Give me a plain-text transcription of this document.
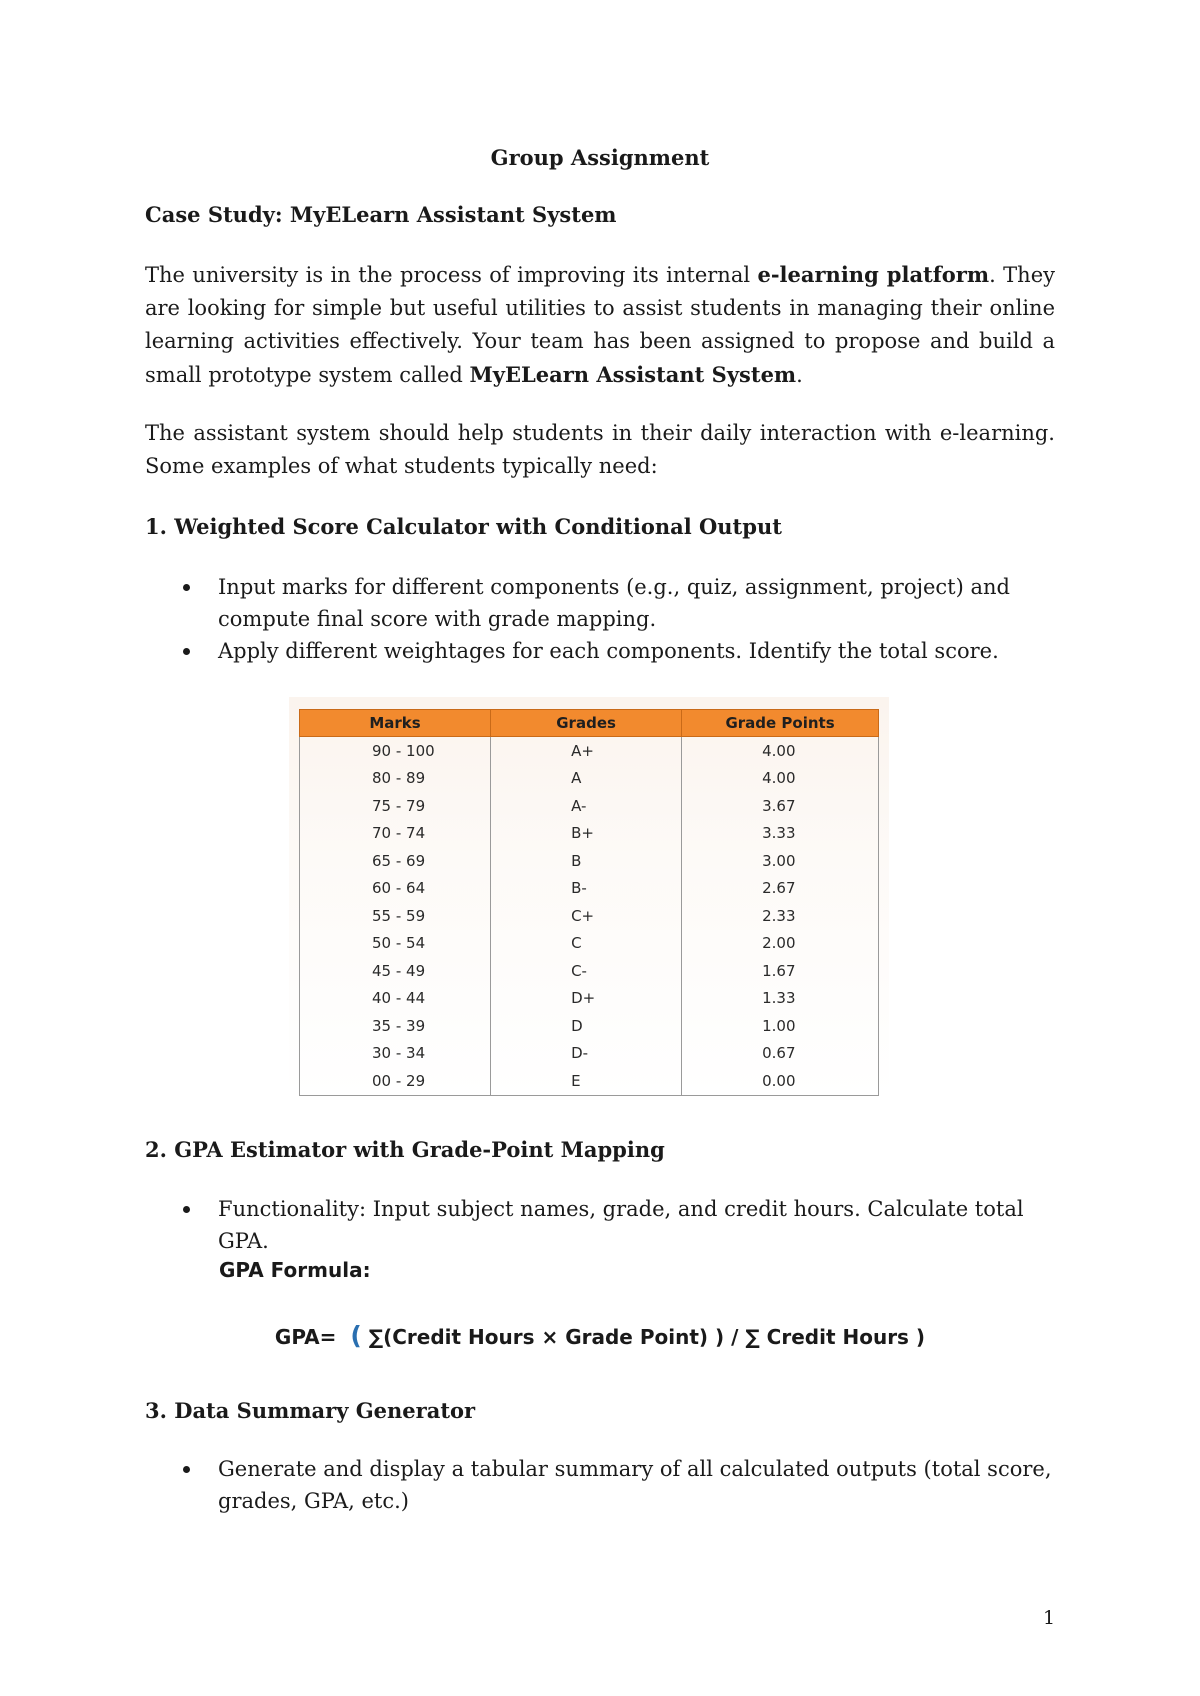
Group Assignment
Case Study: MyELearn Assistant System
The university is in the process of improving its internal e-learning platform. They are looking for simple but useful utilities to assist students in managing their online learning activities effectively. Your team has been assigned to propose and build a small prototype system called MyELearn Assistant System.
The assistant system should help students in their daily interaction with e-learning. Some examples of what students typically need:
1. Weighted Score Calculator with Conditional Output
Input marks for different components (e.g., quiz, assignment, project) and compute final score with grade mapping.
Apply different weightages for each components. Identify the total score.
Marks	Grades	Grade Points
90 - 100	A+	4.00
80 - 89	A	4.00
75 - 79	A-	3.67
70 - 74	B+	3.33
65 - 69	B	3.00
60 - 64	B-	2.67
55 - 59	C+	2.33
50 - 54	C	2.00
45 - 49	C-	1.67
40 - 44	D+	1.33
35 - 39	D	1.00
30 - 34	D-	0.67
00 - 29	E	0.00
2. GPA Estimator with Grade-Point Mapping
Functionality: Input subject names, grade, and credit hours. Calculate total GPA.
GPA Formula:
GPA= ( ∑(Credit Hours × Grade Point) ) / ∑ Credit Hours )
3. Data Summary Generator
Generate and display a tabular summary of all calculated outputs (total score, grades, GPA, etc.)
1
